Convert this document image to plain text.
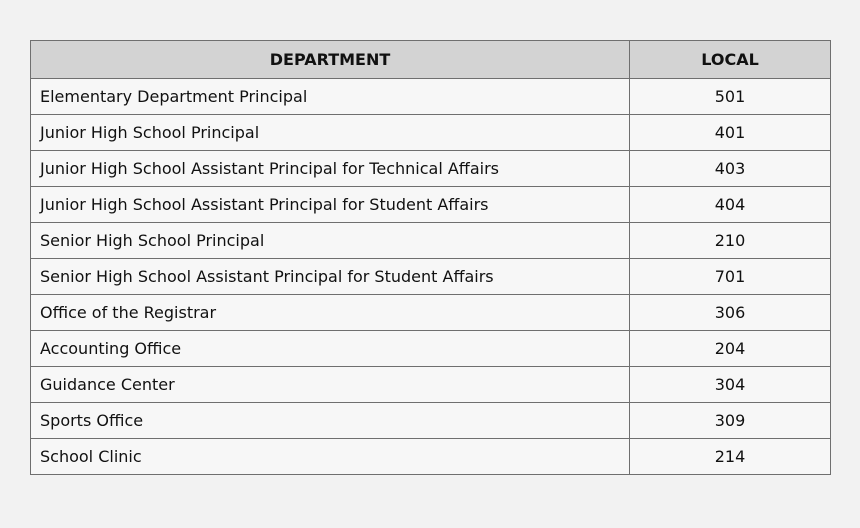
DEPARTMENT	LOCAL
Elementary Department Principal	501
Junior High School Principal	401
Junior High School Assistant Principal for Technical Affairs	403
Junior High School Assistant Principal for Student Affairs	404
Senior High School Principal	210
Senior High School Assistant Principal for Student Affairs	701
Office of the Registrar	306
Accounting Office	204
Guidance Center	304
Sports Office	309
School Clinic	214
